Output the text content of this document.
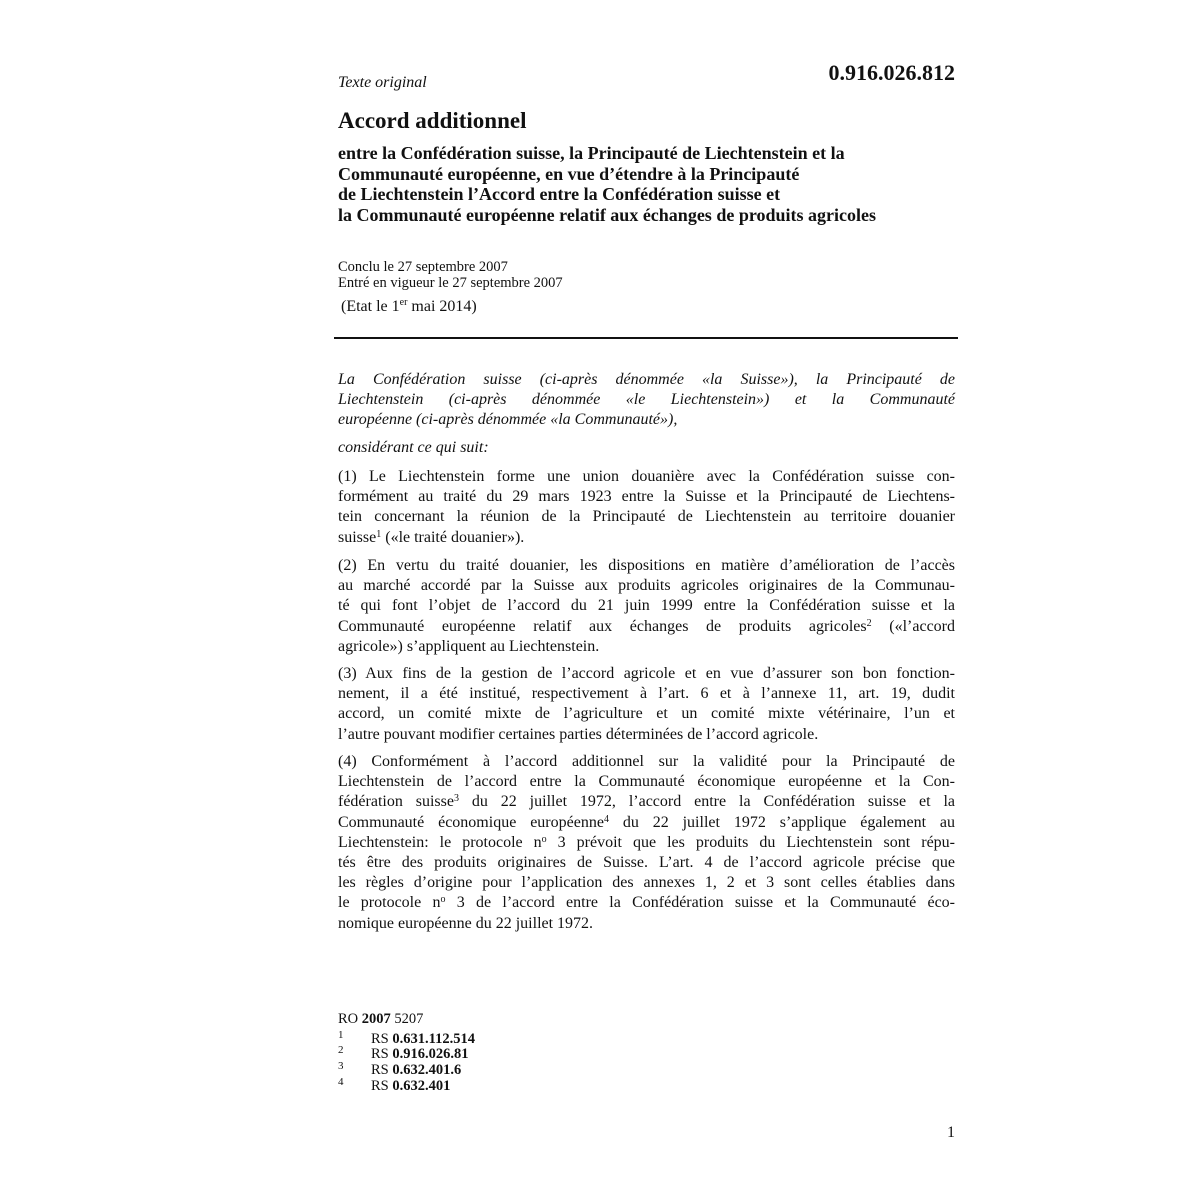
Texte original	0.916.026.812
Accord additionnel
entre la Confédération suisse, la Principauté de Liechtenstein et la
Communauté européenne, en vue d’étendre à la Principauté
de Liechtenstein l’Accord entre la Confédération suisse et
la Communauté européenne relatif aux échanges de produits agricoles
Conclu le 27 septembre 2007
Entré en vigueur le 27 septembre 2007
(Etat le 1er mai 2014)
La Confédération suisse (ci-après dénommée «la Suisse»), la Principauté de
Liechtenstein (ci-après dénommée «le Liechtenstein») et la Communauté
européenne (ci-après dénommée «la Communauté»),
considérant ce qui suit:
(1) Le Liechtenstein forme une union douanière avec la Confédération suisse con-
formément au traité du 29 mars 1923 entre la Suisse et la Principauté de Liechtens-
tein concernant la réunion de la Principauté de Liechtenstein au territoire douanier
suisse$^1$ («le traité douanier»).
(2) En vertu du traité douanier, les dispositions en matière d’amélioration de l’accès
au marché accordé par la Suisse aux produits agricoles originaires de la Communau-
té qui font l’objet de l’accord du 21 juin 1999 entre la Confédération suisse et la
Communauté européenne relatif aux échanges de produits agricoles$^2$ («l’accord
agricole») s’appliquent au Liechtenstein.
(3) Aux fins de la gestion de l’accord agricole et en vue d’assurer son bon fonction-
nement, il a été institué, respectivement à l’art. 6 et à l’annexe 11, art. 19, dudit
accord, un comité mixte de l’agriculture et un comité mixte vétérinaire, l’un et
l’autre pouvant modifier certaines parties déterminées de l’accord agricole.
(4) Conformément à l’accord additionnel sur la validité pour la Principauté de
Liechtenstein de l’accord entre la Communauté économique européenne et la Con-
fédération suisse$^3$ du 22 juillet 1972, l’accord entre la Confédération suisse et la
Communauté économique européenne$^4$ du 22 juillet 1972 s’applique également au
Liechtenstein: le protocole $n^o$ 3 prévoit que les produits du Liechtenstein sont répu-
tés être des produits originaires de Suisse. L’art. 4 de l’accord agricole précise que
les règles d’origine pour l’application des annexes 1, 2 et 3 sont celles établies dans
le protocole $n^o$ 3 de l’accord entre la Confédération suisse et la Communauté éco-
nomique européenne du 22 juillet 1972.
RO 2007 5207
1 RS 0.631.112.514
2 RS 0.916.026.81
3 RS 0.632.401.6
4 RS 0.632.401
1
